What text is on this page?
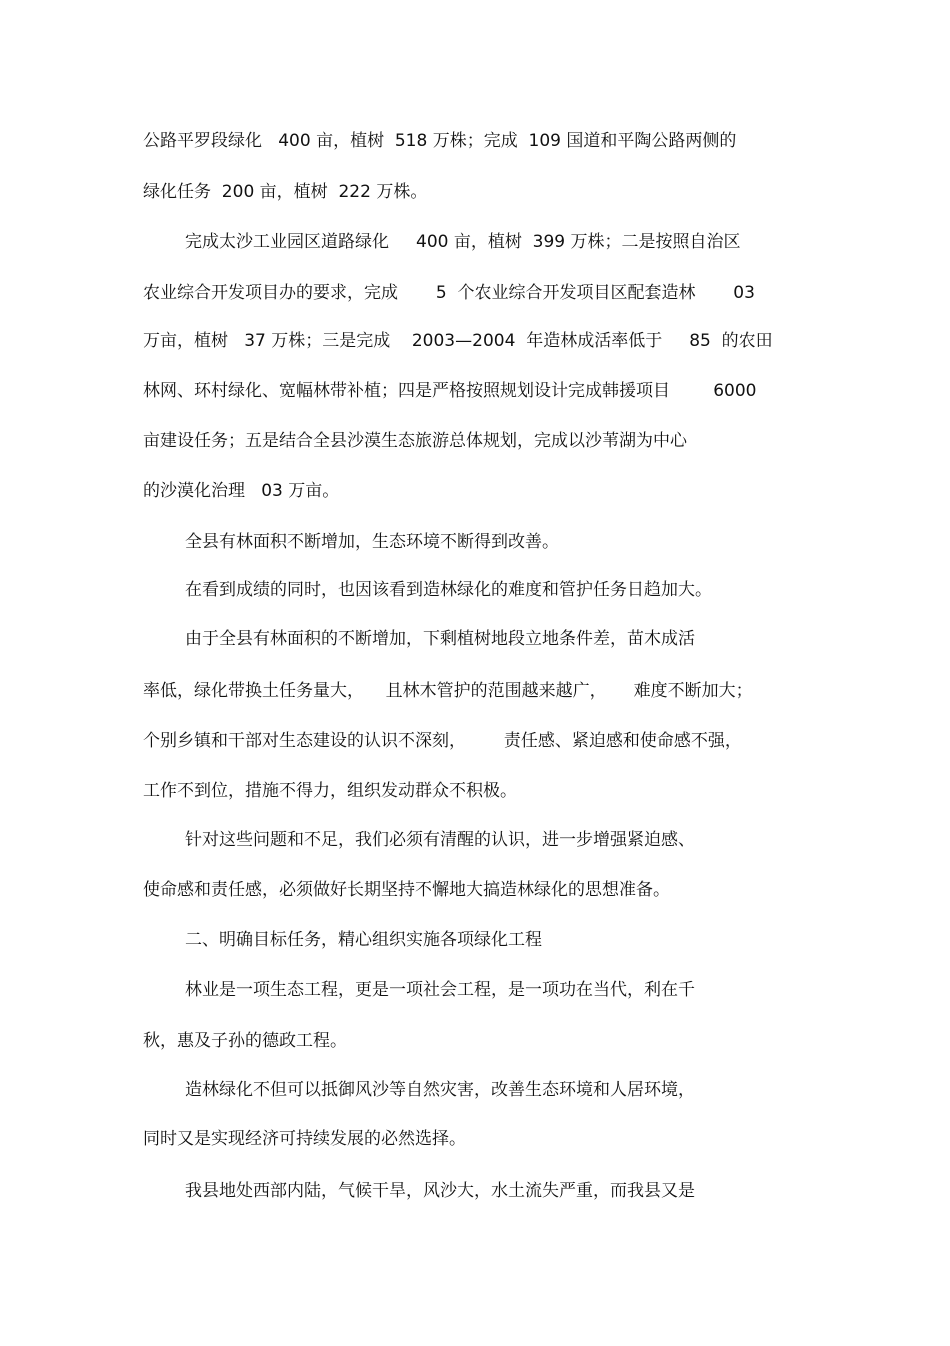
公路平罗段绿化   400 亩，植树  518 万株；完成  109 国道和平陶公路两侧的
绿化任务  200 亩，植树  222 万株。
完成太沙工业园区道路绿化     400 亩，植树  399 万株；二是按照自治区
农业综合开发项目办的要求，完成       5  个农业综合开发项目区配套造林       03
万亩，植树   37 万株；三是完成    2003—2004  年造林成活率低于     85  的农田
林网、环村绿化、宽幅林带补植；四是严格按照规划设计完成韩援项目        6000
亩建设任务；五是结合全县沙漠生态旅游总体规划，完成以沙苇湖为中心
的沙漠化治理   03 万亩。
全县有林面积不断增加，生态环境不断得到改善。
在看到成绩的同时，也因该看到造林绿化的难度和管护任务日趋加大。
由于全县有林面积的不断增加，下剩植树地段立地条件差，苗木成活
率低，绿化带换土任务量大，    且林木管护的范围越来越广，     难度不断加大；
个别乡镇和干部对生态建设的认识不深刻，       责任感、紧迫感和使命感不强，
工作不到位，措施不得力，组织发动群众不积极。
针对这些问题和不足，我们必须有清醒的认识，进一步增强紧迫感、
使命感和责任感，必须做好长期坚持不懈地大搞造林绿化的思想准备。
二、明确目标任务，精心组织实施各项绿化工程
林业是一项生态工程，更是一项社会工程，是一项功在当代，利在千
秋，惠及子孙的德政工程。
造林绿化不但可以抵御风沙等自然灾害，改善生态环境和人居环境，
同时又是实现经济可持续发展的必然选择。
我县地处西部内陆，气候干旱，风沙大，水土流失严重，而我县又是
